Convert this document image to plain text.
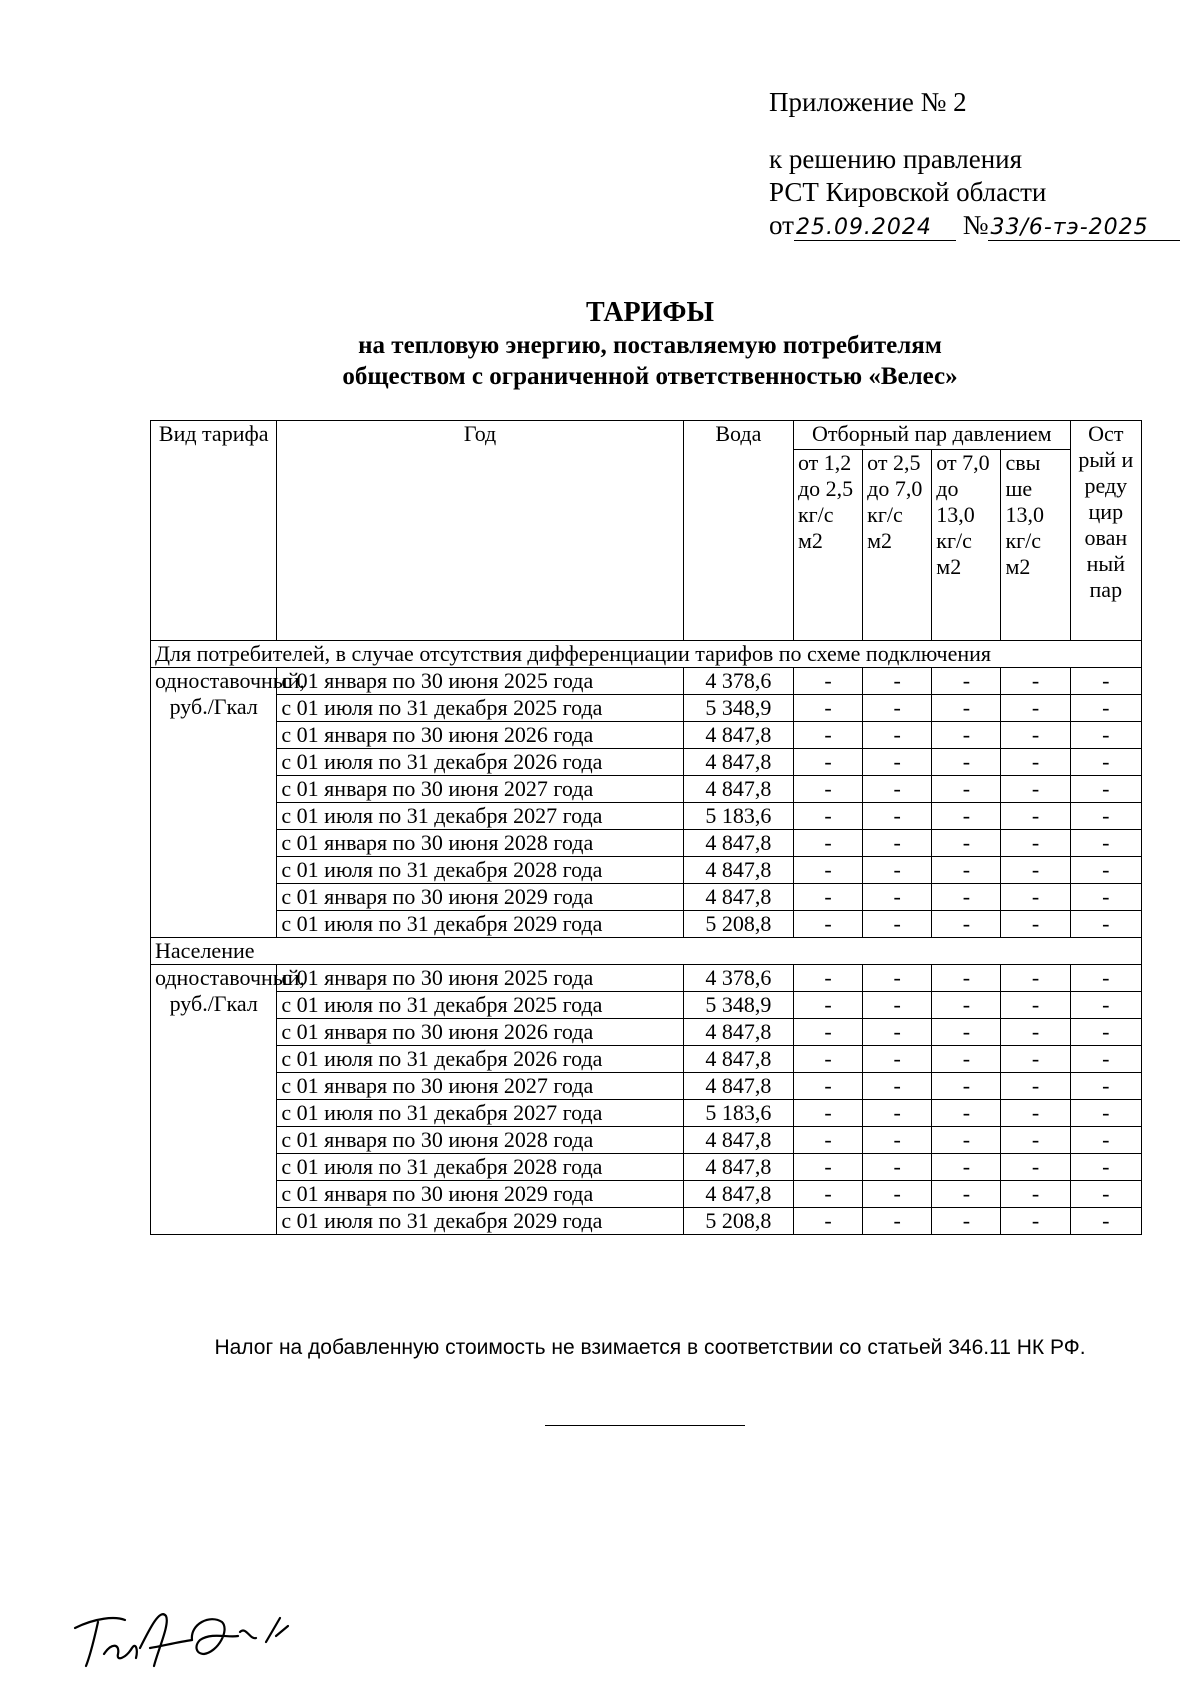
Приложение № 2
к решению правления
РСТ Кировской области
от25.09.2024 №33/6-тэ-2025
ТАРИФЫ
на тепловую энергию, поставляемую потребителям
обществом с ограниченной ответственностью «Велес»
Вид тарифа	Год	Вода	Отборный пар давлением				Ост рый и реду цир ован ный пар
			от 1,2 до 2,5 кг/с м2	от 2,5 до 7,0 кг/с м2	от 7,0 до 13,0 кг/с м2	свы ше 13,0 кг/с м2	
Для потребителей, в случае отсутствия дифференциации тарифов по схеме подключения							
одноставочный, руб./Гкал	с 01 января по 30 июня 2025 года	4 378,6	-	-	-	-	-
	с 01 июля по 31 декабря 2025 года	5 348,9	-	-	-	-	-
	с 01 января по 30 июня 2026 года	4 847,8	-	-	-	-	-
	с 01 июля по 31 декабря 2026 года	4 847,8	-	-	-	-	-
	с 01 января по 30 июня 2027 года	4 847,8	-	-	-	-	-
	с 01 июля по 31 декабря 2027 года	5 183,6	-	-	-	-	-
	с 01 января по 30 июня 2028 года	4 847,8	-	-	-	-	-
	с 01 июля по 31 декабря 2028 года	4 847,8	-	-	-	-	-
	с 01 января по 30 июня 2029 года	4 847,8	-	-	-	-	-
	с 01 июля по 31 декабря 2029 года	5 208,8	-	-	-	-	-
Население							
одноставочный, руб./Гкал	с 01 января по 30 июня 2025 года	4 378,6	-	-	-	-	-
	с 01 июля по 31 декабря 2025 года	5 348,9	-	-	-	-	-
	с 01 января по 30 июня 2026 года	4 847,8	-	-	-	-	-
	с 01 июля по 31 декабря 2026 года	4 847,8	-	-	-	-	-
	с 01 января по 30 июня 2027 года	4 847,8	-	-	-	-	-
	с 01 июля по 31 декабря 2027 года	5 183,6	-	-	-	-	-
	с 01 января по 30 июня 2028 года	4 847,8	-	-	-	-	-
	с 01 июля по 31 декабря 2028 года	4 847,8	-	-	-	-	-
	с 01 января по 30 июня 2029 года	4 847,8	-	-	-	-	-
	с 01 июля по 31 декабря 2029 года	5 208,8	-	-	-	-	-
Налог на добавленную стоимость не взимается в соответствии со статьей 346.11 НК РФ.
